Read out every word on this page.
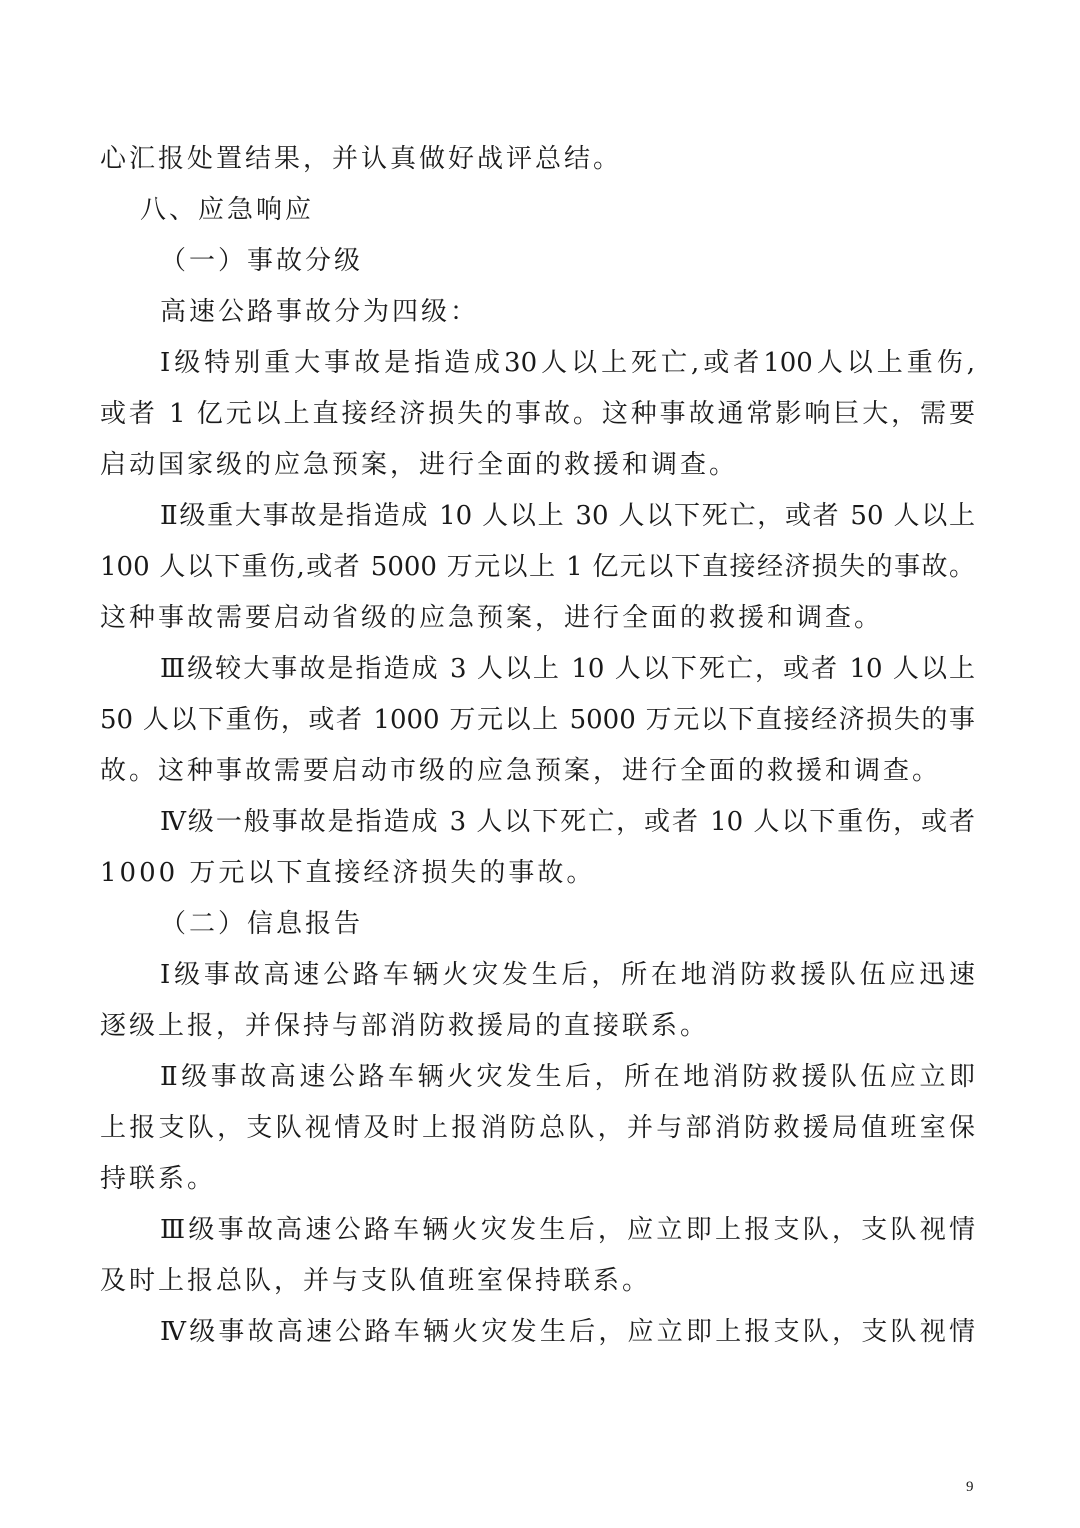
心汇报处置结果，并认真做好战评总结。
八、应急响应
（一）事故分级
高速公路事故分为四级：
Ⅰ级特别重大事故是指造成30人以上死亡,或者100人以上重伤,
或者 1 亿元以上直接经济损失的事故。这种事故通常影响巨大，需要
启动国家级的应急预案，进行全面的救援和调查。
Ⅱ级重大事故是指造成 10 人以上 30 人以下死亡，或者 50 人以上
100 人以下重伤,或者 5000 万元以上 1 亿元以下直接经济损失的事故。
这种事故需要启动省级的应急预案，进行全面的救援和调查。
Ⅲ级较大事故是指造成 3 人以上 10 人以下死亡，或者 10 人以上
50 人以下重伤，或者 1000 万元以上 5000 万元以下直接经济损失的事
故。这种事故需要启动市级的应急预案，进行全面的救援和调查。
Ⅳ级一般事故是指造成 3 人以下死亡，或者 10 人以下重伤，或者
1000 万元以下直接经济损失的事故。
（二）信息报告
Ⅰ级事故高速公路车辆火灾发生后，所在地消防救援队伍应迅速
逐级上报，并保持与部消防救援局的直接联系。
Ⅱ级事故高速公路车辆火灾发生后，所在地消防救援队伍应立即
上报支队，支队视情及时上报消防总队，并与部消防救援局值班室保
持联系。
Ⅲ级事故高速公路车辆火灾发生后，应立即上报支队，支队视情
及时上报总队，并与支队值班室保持联系。
Ⅳ级事故高速公路车辆火灾发生后，应立即上报支队，支队视情
9
